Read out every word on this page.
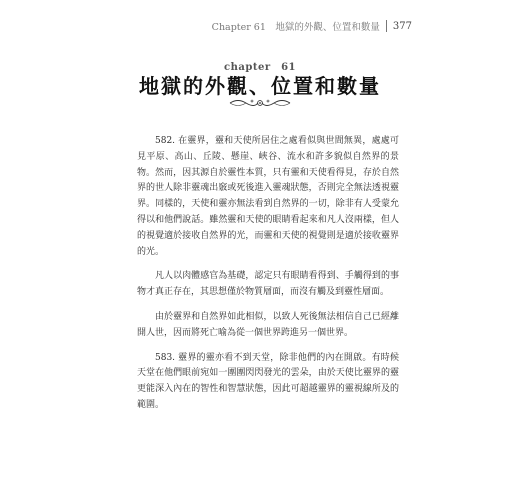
Chapter 61　地獄的外觀、位置和數量 377
chapter　61
地獄的外觀、位置和數量

582. 在靈界，靈和天使所居住之處看似與世間無異，處處可見平原、高山、丘陵、懸崖、峽谷、流水和許多貌似自然界的景物。然而，因其源自於靈性本質，只有靈和天使看得見，存於自然界的世人除非靈魂出竅或死後進入靈魂狀態，否則完全無法透視靈界。同樣的，天使和靈亦無法看到自然界的一切，除非有人受蒙允得以和他們說話。雖然靈和天使的眼睛看起來和凡人沒兩樣，但人的視覺適於接收自然界的光，而靈和天使的視覺則是適於接收靈界的光。

凡人以肉體感官為基礎，認定只有眼睛看得到、手觸得到的事物才真正存在，其思想僅於物質層面，而沒有觸及到靈性層面。

由於靈界和自然界如此相似，以致人死後無法相信自己已經離開人世，因而將死亡喻為從一個世界跨進另一個世界。

583. 靈界的靈亦看不到天堂，除非他們的內在開啟。有時候天堂在他們眼前宛如一團團閃閃發光的雲朵，由於天使比靈界的靈更能深入內在的智性和智慧狀態，因此可超越靈界的靈視線所及的範圍。
